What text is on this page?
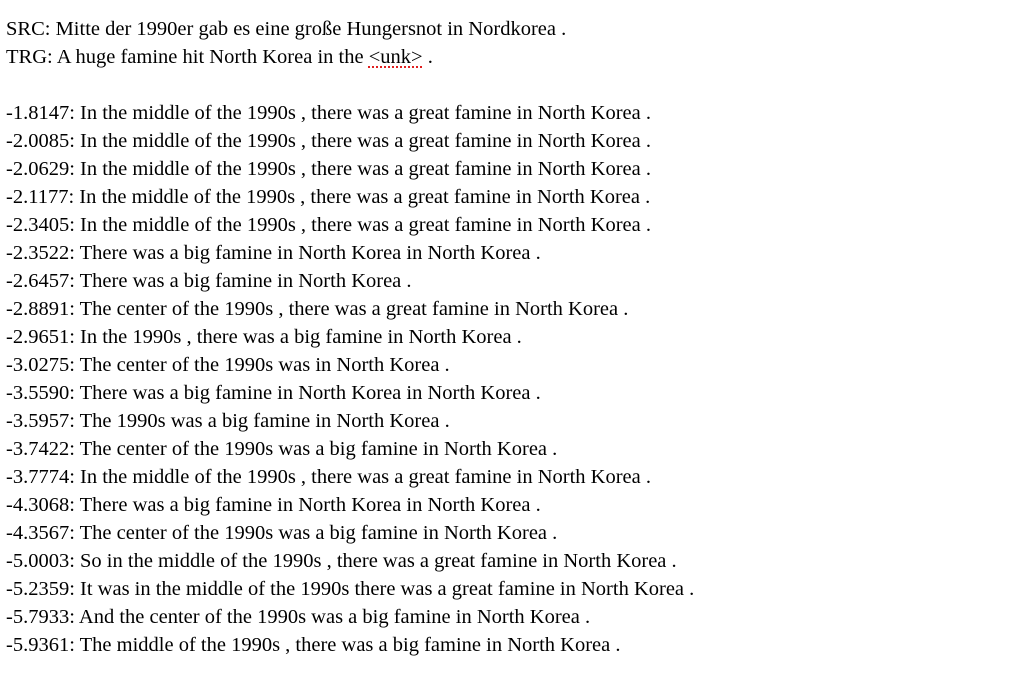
SRC: Mitte der 1990er gab es eine große Hungersnot in Nordkorea .
TRG: A huge famine hit North Korea in the <unk> .
-1.8147: In the middle of the 1990s , there was a great famine in North Korea .
-2.0085: In the middle of the 1990s , there was a great famine in North Korea .
-2.0629: In the middle of the 1990s , there was a great famine in North Korea .
-2.1177: In the middle of the 1990s , there was a great famine in North Korea .
-2.3405: In the middle of the 1990s , there was a great famine in North Korea .
-2.3522: There was a big famine in North Korea in North Korea .
-2.6457: There was a big famine in North Korea .
-2.8891: The center of the 1990s , there was a great famine in North Korea .
-2.9651: In the 1990s , there was a big famine in North Korea .
-3.0275: The center of the 1990s was in North Korea .
-3.5590: There was a big famine in North Korea in North Korea .
-3.5957: The 1990s was a big famine in North Korea .
-3.7422: The center of the 1990s was a big famine in North Korea .
-3.7774: In the middle of the 1990s , there was a great famine in North Korea .
-4.3068: There was a big famine in North Korea in North Korea .
-4.3567: The center of the 1990s was a big famine in North Korea .
-5.0003: So in the middle of the 1990s , there was a great famine in North Korea .
-5.2359: It was in the middle of the 1990s there was a great famine in North Korea .
-5.7933: And the center of the 1990s was a big famine in North Korea .
-5.9361: The middle of the 1990s , there was a big famine in North Korea .
